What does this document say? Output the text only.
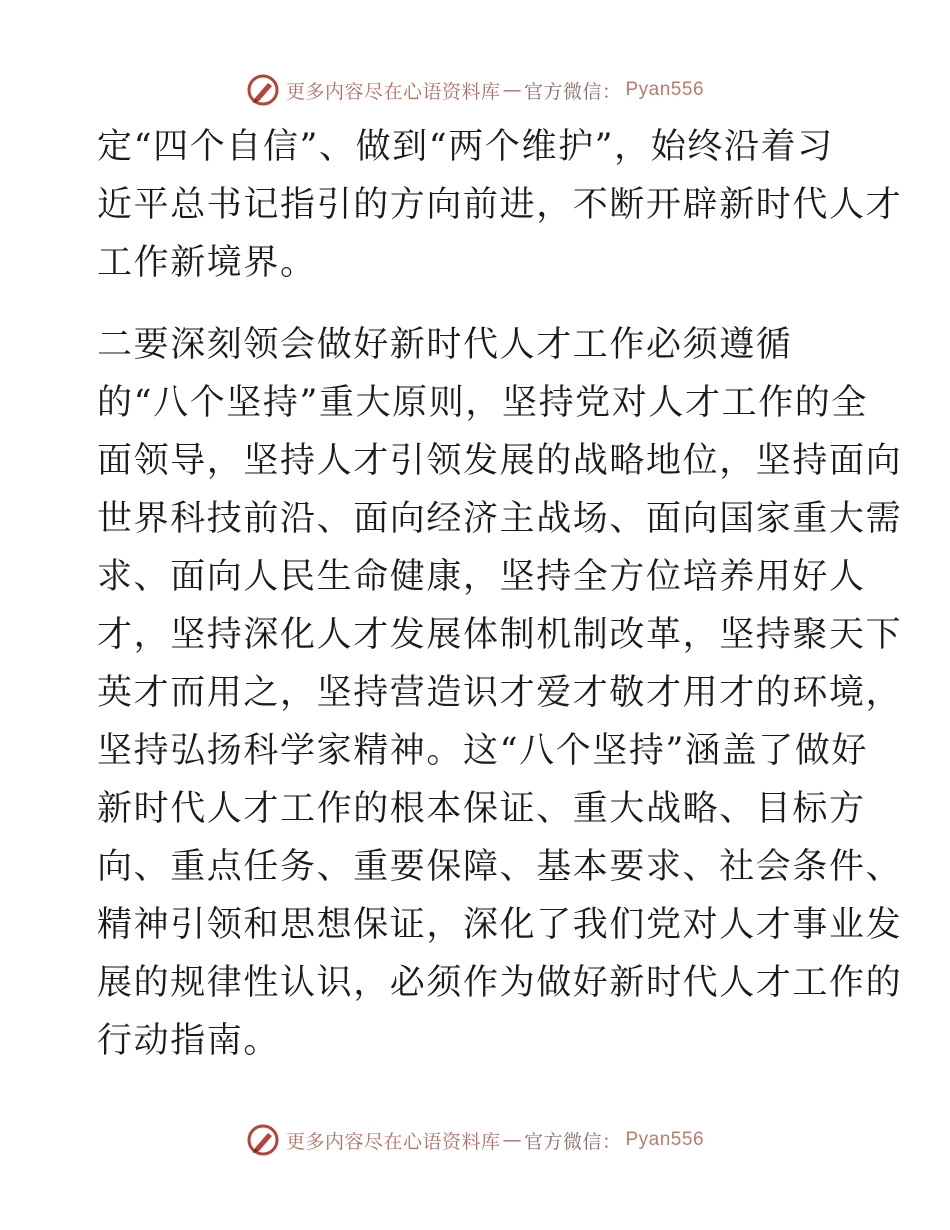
更多内容尽在心语资料库 — 官方微信： Pyan556
定“四个自信”、做到“两个维护”，始终沿着习
近平总书记指引的方向前进，不断开辟新时代人才
工作新境界。
二要深刻领会做好新时代人才工作必须遵循
的“八个坚持”重大原则，坚持党对人才工作的全
面领导，坚持人才引领发展的战略地位，坚持面向
世界科技前沿、面向经济主战场、面向国家重大需
求、面向人民生命健康，坚持全方位培养用好人
才，坚持深化人才发展体制机制改革，坚持聚天下
英才而用之，坚持营造识才爱才敬才用才的环境，
坚持弘扬科学家精神。这“八个坚持”涵盖了做好
新时代人才工作的根本保证、重大战略、目标方
向、重点任务、重要保障、基本要求、社会条件、
精神引领和思想保证，深化了我们党对人才事业发
展的规律性认识，必须作为做好新时代人才工作的
行动指南。
更多内容尽在心语资料库 — 官方微信： Pyan556
